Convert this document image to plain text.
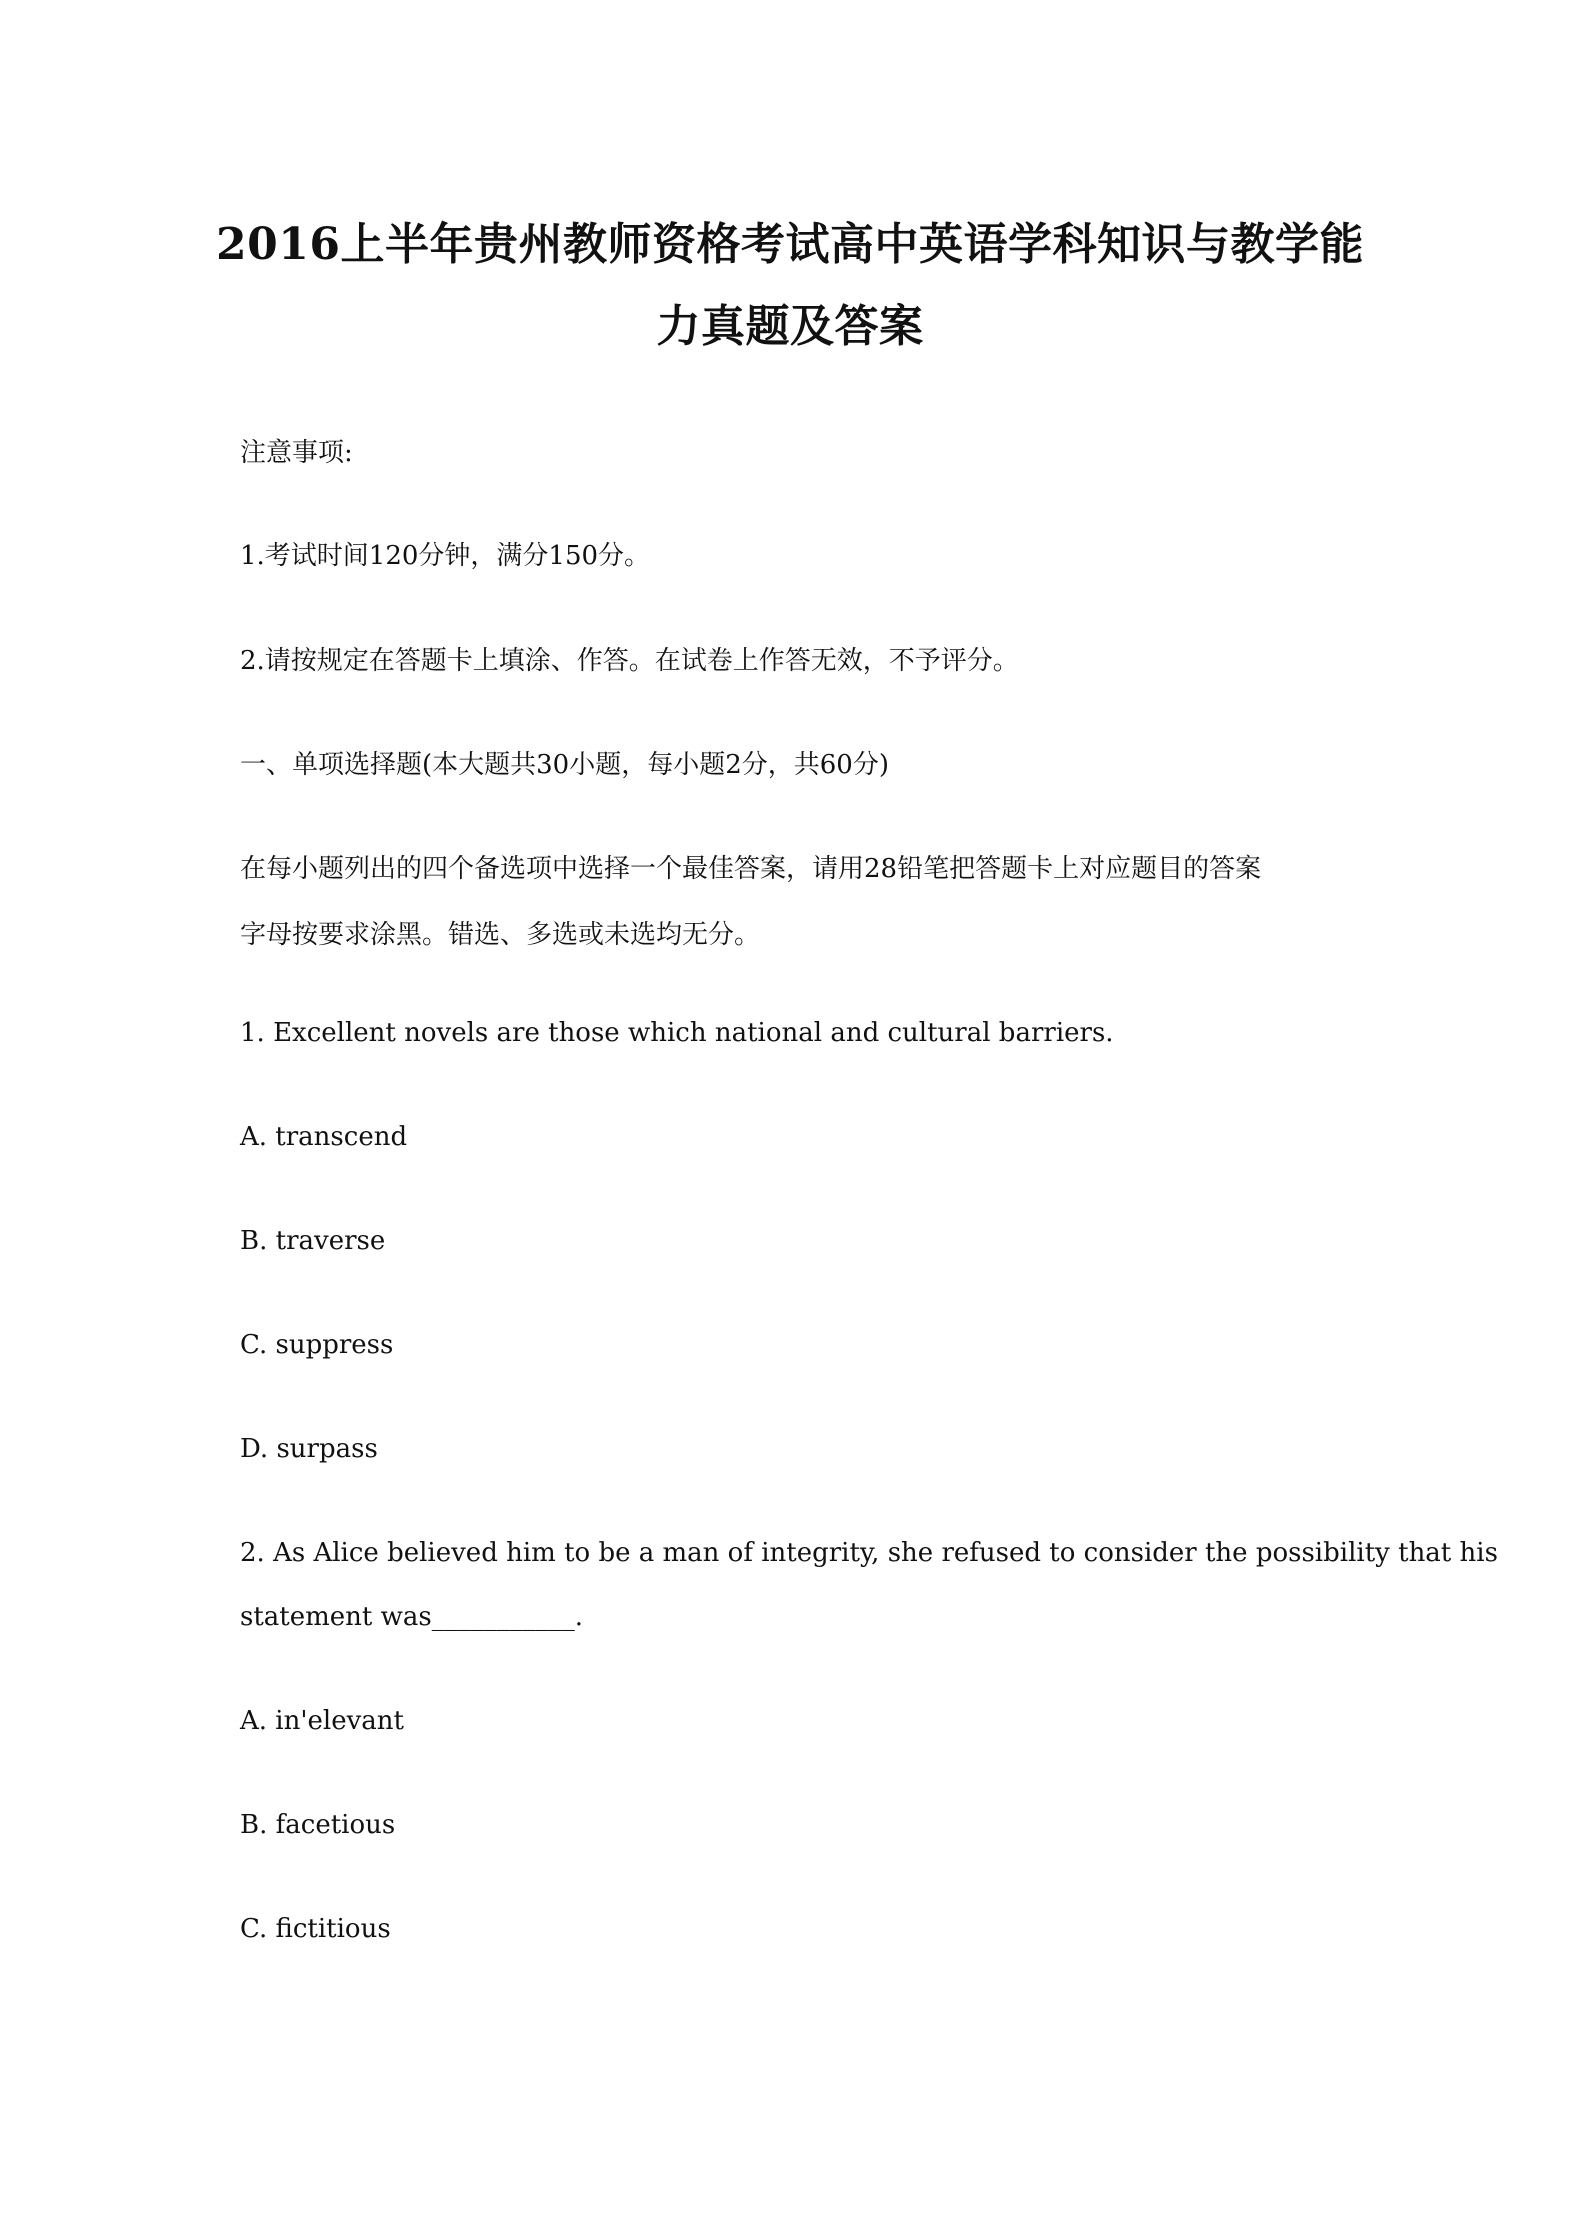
2016上半年贵州教师资格考试高中英语学科知识与教学能
力真题及答案
注意事项:
1.考试时间120分钟，满分150分。
2.请按规定在答题卡上填涂、作答。在试卷上作答无效，不予评分。
一、单项选择题(本大题共30小题，每小题2分，共60分)
在每小题列出的四个备选项中选择一个最佳答案，请用28铅笔把答题卡上对应题目的答案
字母按要求涂黑。错选、多选或未选均无分。
1. Excellent novels are those which national and cultural barriers.
A. transcend
B. traverse
C. suppress
D. surpass
2. As Alice believed him to be a man of integrity, she refused to consider the possibility that his
statement was___________.
A. in'elevant
B. facetious
C. fictitious
